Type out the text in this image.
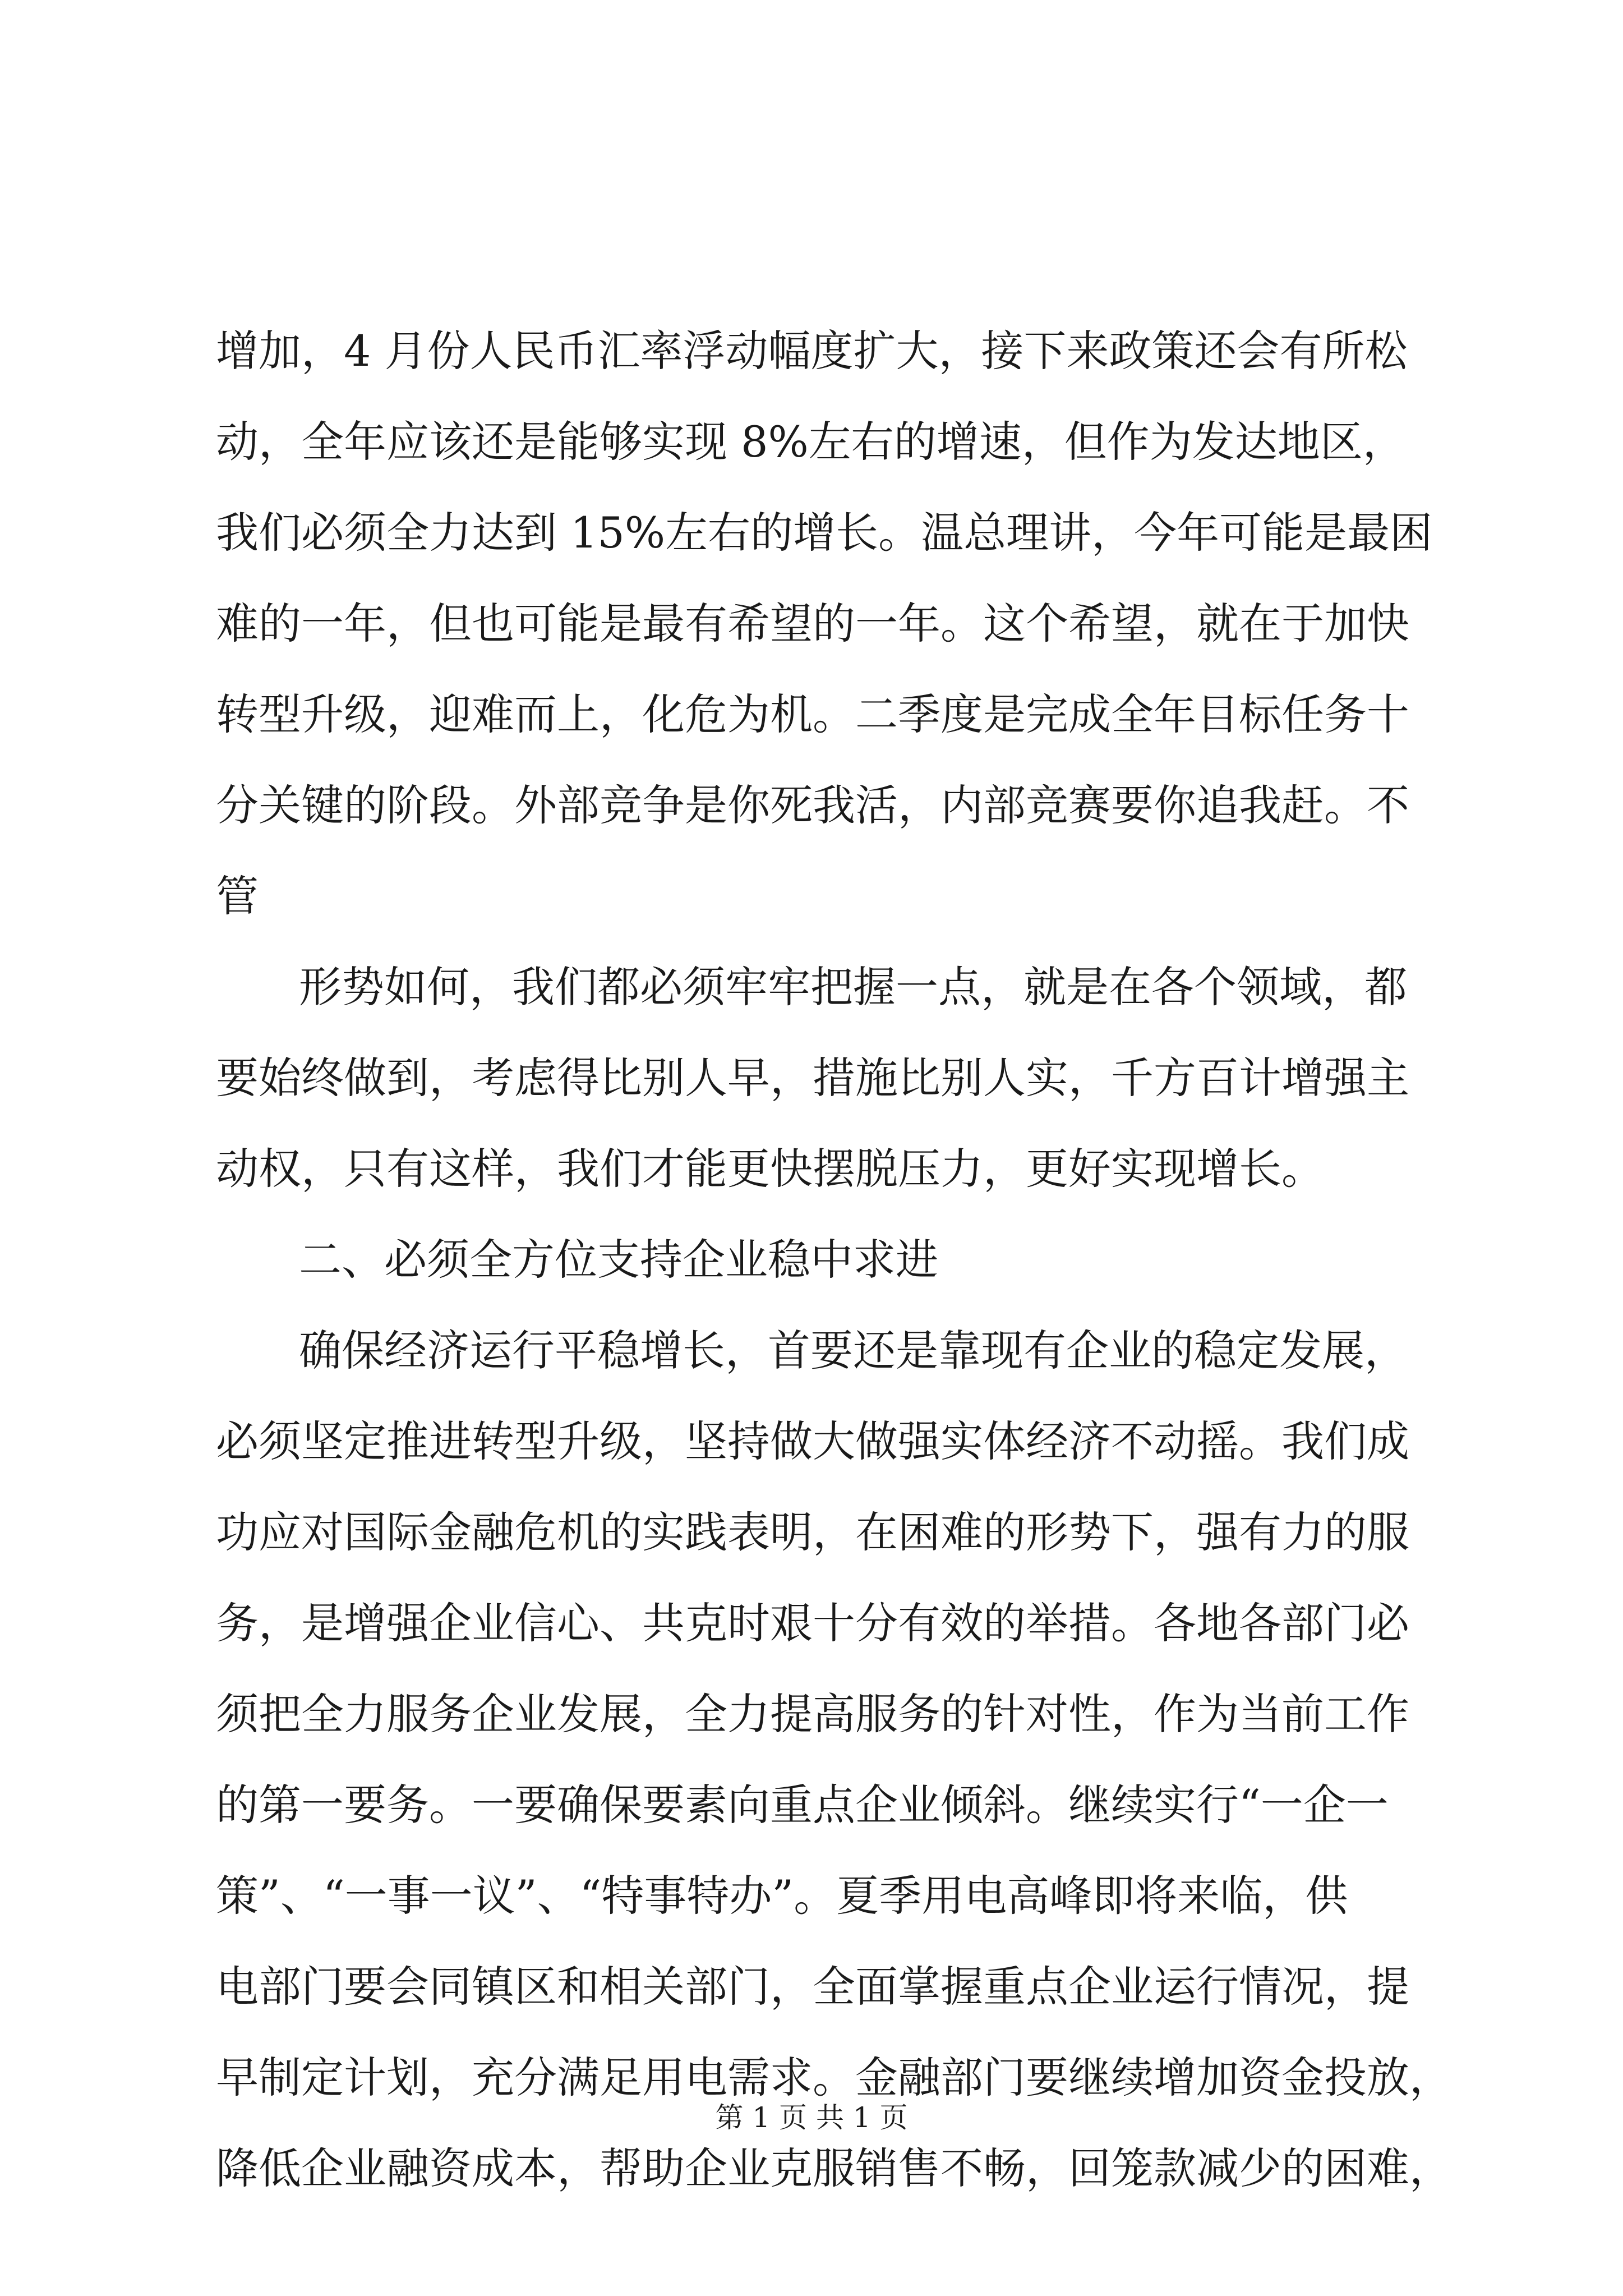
增加，4 月份人民币汇率浮动幅度扩大，接下来政策还会有所松
动，全年应该还是能够实现 8%左右的增速，但作为发达地区，
我们必须全力达到 15%左右的增长。温总理讲，今年可能是最困
难的一年，但也可能是最有希望的一年。这个希望，就在于加快
转型升级，迎难而上，化危为机。二季度是完成全年目标任务十
分关键的阶段。外部竞争是你死我活，内部竞赛要你追我赶。不
管
形势如何，我们都必须牢牢把握一点，就是在各个领域，都
要始终做到，考虑得比别人早，措施比别人实，千方百计增强主
动权，只有这样，我们才能更快摆脱压力，更好实现增长。
二、必须全方位支持企业稳中求进
确保经济运行平稳增长，首要还是靠现有企业的稳定发展，
必须坚定推进转型升级，坚持做大做强实体经济不动摇。我们成
功应对国际金融危机的实践表明，在困难的形势下，强有力的服
务，是增强企业信心、共克时艰十分有效的举措。各地各部门必
须把全力服务企业发展，全力提高服务的针对性，作为当前工作
的第一要务。一要确保要素向重点企业倾斜。继续实行“一企一
策”、“一事一议”、“特事特办”。夏季用电高峰即将来临，供
电部门要会同镇区和相关部门，全面掌握重点企业运行情况，提
早制定计划，充分满足用电需求。金融部门要继续增加资金投放，
降低企业融资成本，帮助企业克服销售不畅，回笼款减少的困难，
第 1 页 共 1 页
